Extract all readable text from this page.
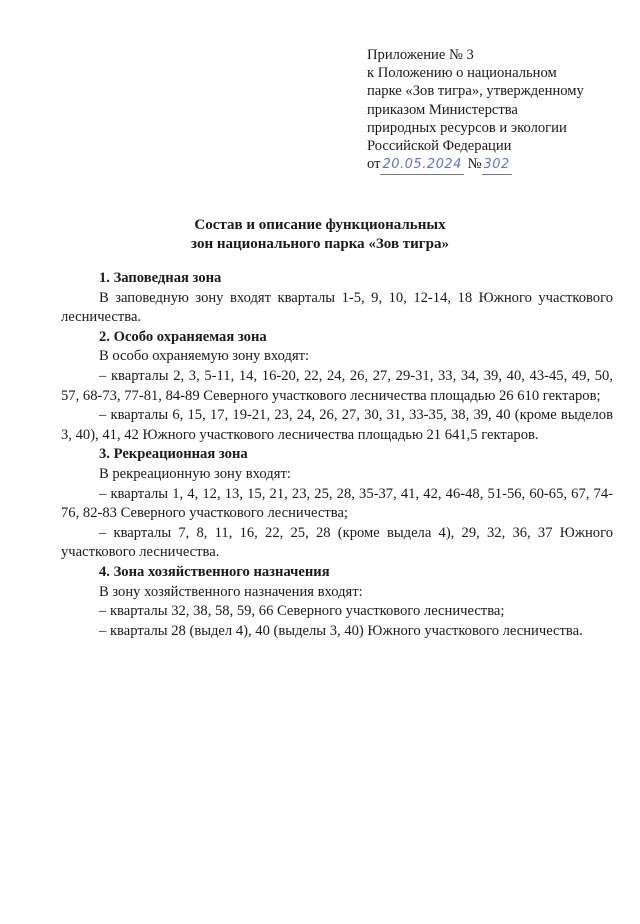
Приложение № 3
к Положению о национальном
парке «Зов тигра», утвержденному
приказом Министерства
природных ресурсов и экологии
Российской Федерации
от 20.05.2024 № 302
Состав и описание функциональных
зон национального парка «Зов тигра»

1. Заповедная зона

В заповедную зону входят кварталы 1-5, 9, 10, 12-14, 18 Южного участкового лесничества.

2. Особо охраняемая зона

В особо охраняемую зону входят:

– кварталы 2, 3, 5-11, 14, 16-20, 22, 24, 26, 27, 29-31, 33, 34, 39, 40, 43-45, 49, 50, 57, 68-73, 77-81, 84-89 Северного участкового лесничества площадью 26 610 гектаров;

– кварталы 6, 15, 17, 19-21, 23, 24, 26, 27, 30, 31, 33-35, 38, 39, 40 (кроме выделов 3, 40), 41, 42 Южного участкового лесничества площадью 21 641,5 гектаров.

3. Рекреационная зона

В рекреационную зону входят:

– кварталы 1, 4, 12, 13, 15, 21, 23, 25, 28, 35-37, 41, 42, 46-48, 51-56, 60-65, 67, 74-76, 82-83 Северного участкового лесничества;

– кварталы 7, 8, 11, 16, 22, 25, 28 (кроме выдела 4), 29, 32, 36, 37 Южного участкового лесничества.

4. Зона хозяйственного назначения

В зону хозяйственного назначения входят:

– кварталы 32, 38, 58, 59, 66 Северного участкового лесничества;

– кварталы 28 (выдел 4), 40 (выделы 3, 40) Южного участкового лесничества.
